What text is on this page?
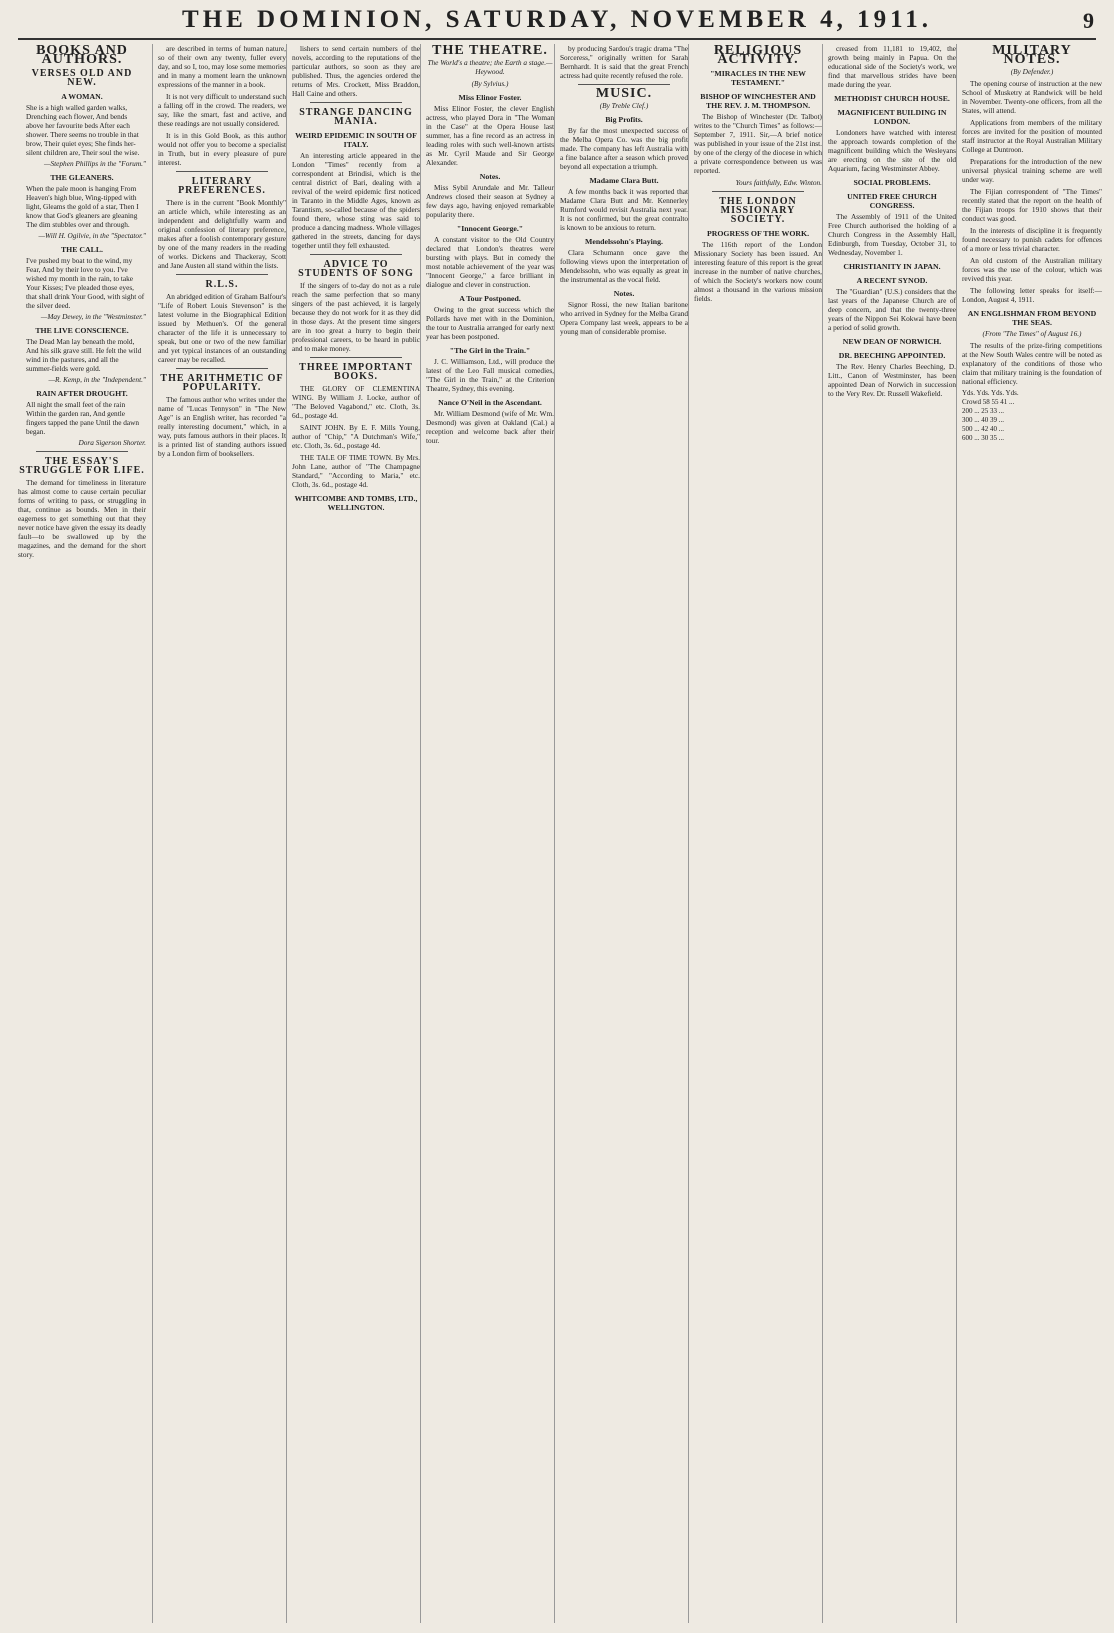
THE DOMINION, SATURDAY, NOVEMBER 4, 1911.	9
BOOKS AND AUTHORS.
VERSES OLD AND NEW.
A WOMAN.
She is a high walled garden walks, Drenching each flower, And bends above her favourite beds After each shower. There seems no trouble in that brow, Their quiet eyes; She finds her-silent children are, Their soul the wise.
—Stephen Phillips in the "Forum."
THE GLEANERS.
When the pale moon is hanging From Heaven's high blue, Wing-tipped with light, Gleams the gold of a star, Then I know that God's gleaners are gleaning The dim stubbles over and through.
—Will H. Ogilvie, in the "Spectator."
THE CALL.
I've pushed my boat to the wind, my Fear, And by their love to you. I've wished my month in the rain, to take Your Kisses; I've pleaded those eyes, that shall drink Your Good, with sight of the silver deed.
—May Dewey, in the "Westminster."
THE LIVE CONSCIENCE.
The Dead Man lay beneath the mold, And his silk grave still. He felt the wild wind in the pastures, and all the summer-fields were gold.
—R. Kemp, in the "Independent."
RAIN AFTER DROUGHT.
All night the small feet of the rain Within the garden ran, And gentle fingers tapped the pane Until the dawn began.
Dora Sigerson Shorter.
THE ESSAY'S STRUGGLE FOR LIFE.

The demand for timeliness in literature has almost come to cause certain peculiar forms of writing to pass, or struggling in that, continue as bounds. Men in their eagerness to get something out that they never notice have given the essay its deadly fault—to be swallowed up by the magazines, and the demand for the short story.

are described in terms of human nature, so of their own any twenty, fuller every day, and so I, too, may lose some memories and in many a moment learn the unknown expressions of the manner in a book.

It is not very difficult to understand such a falling off in the crowd. The readers, we say, like the smart, fast and active, and these readings are not usually considered.

It is in this Gold Book, as this author would not offer you to become a specialist in Truth, but in every pleasure of pure interest.

LITERARY PREFERENCES.

There is in the current "Book Monthly" an article which, while interesting as an independent and delightfully warm and original confession of literary preference, makes after a foolish contemporary gesture by one of the many readers in the reading of works. Dickens and Thackeray, Scott and Jane Austen all stand within the lists.

R.L.S.

An abridged edition of Graham Balfour's "Life of Robert Louis Stevenson" is the latest volume in the Biographical Edition issued by Methuen's. Of the general character of the life it is unnecessary to speak, but one or two of the new familiar and yet typical instances of an outstanding career may be recalled.

THE ARITHMETIC OF POPULARITY.

The famous author who writes under the name of "Lucas Tennyson" in "The New Age" is an English writer, has recorded "a really interesting document," which, in a way, puts famous authors in their places. It is a printed list of standing authors issued by a London firm of booksellers.

lishers to send certain numbers of the novels, according to the reputations of the particular authors, so soon as they are published. Thus, the agencies ordered the returns of Mrs. Crockett, Miss Braddon, Hall Caine and others.

STRANGE DANCING MANIA.
WEIRD EPIDEMIC IN SOUTH OF ITALY.

An interesting article appeared in the London "Times" recently from a correspondent at Brindisi, which is the central district of Bari, dealing with a revival of the weird epidemic first noticed in Taranto in the Middle Ages, known as Tarantism, so-called because of the spiders found there, whose sting was said to produce a dancing madness. Whole villages gathered in the streets, dancing for days together until they fell exhausted.

ADVICE TO STUDENTS OF SONG

If the singers of to-day do not as a rule reach the same perfection that so many singers of the past achieved, it is largely because they do not work for it as they did in those days. At the present time singers are in too great a hurry to begin their professional careers, to be heard in public and to make money.

THREE IMPORTANT BOOKS.

THE GLORY OF CLEMENTINA WING. By William J. Locke, author of "The Beloved Vagabond," etc. Cloth, 3s. 6d., postage 4d.

SAINT JOHN. By E. F. Mills Young, author of "Chip," "A Dutchman's Wife," etc. Cloth, 3s. 6d., postage 4d.

THE TALE OF TIME TOWN. By Mrs. John Lane, author of "The Champagne Standard," "According to Maria," etc. Cloth, 3s. 6d., postage 4d.

WHITCOMBE AND TOMBS, LTD., WELLINGTON.
THE THEATRE.
The World's a theatre; the Earth a stage.—Heywood.
(By Sylvius.)
Miss Elinor Foster.

Miss Elinor Foster, the clever English actress, who played Dora in "The Woman in the Case" at the Opera House last summer, has a fine record as an actress in leading roles with such well-known artists as Mr. Cyril Maude and Sir George Alexander.

Notes.

Miss Sybil Arundale and Mr. Talleur Andrews closed their season at Sydney a few days ago, having enjoyed remarkable popularity there.

"Innocent George."

A constant visitor to the Old Country declared that London's theatres were bursting with plays. But in comedy the most notable achievement of the year was "Innocent George," a farce brilliant in dialogue and clever in construction.

A Tour Postponed.

Owing to the great success which the Pollards have met with in the Dominion, the tour to Australia arranged for early next year has been postponed.

"The Girl in the Train."

J. C. Williamson, Ltd., will produce the latest of the Leo Fall musical comedies, "The Girl in the Train," at the Criterion Theatre, Sydney, this evening.

Nance O'Neil in the Ascendant.

Mr. William Desmond (wife of Mr. Wm. Desmond) was given at Oakland (Cal.) a reception and welcome back after their tour.

by producing Sardou's tragic drama "The Sorceress," originally written for Sarah Bernhardt. It is said that the great French actress had quite recently refused the role.

MUSIC.
(By Treble Clef.)
Big Profits.

By far the most unexpected success of the Melba Opera Co. was the big profit made. The company has left Australia with a fine balance after a season which proved beyond all expectation a triumph.

Madame Clara Butt.

A few months back it was reported that Madame Clara Butt and Mr. Kennerley Rumford would revisit Australia next year. It is not confirmed, but the great contralto is known to be anxious to return.

Mendelssohn's Playing.

Clara Schumann once gave the following views upon the interpretation of Mendelssohn, who was equally as great in the instrumental as the vocal field.

Notes.

Signor Rossi, the new Italian baritone who arrived in Sydney for the Melba Grand Opera Company last week, appears to be a young man of considerable promise.

RELIGIOUS ACTIVITY.
"MIRACLES IN THE NEW TESTAMENT."
BISHOP OF WINCHESTER AND THE REV. J. M. THOMPSON.

The Bishop of Winchester (Dr. Talbot) writes to the "Church Times" as follows:—September 7, 1911. Sir,—A brief notice was published in your issue of the 21st inst. by one of the clergy of the diocese in which a private correspondence between us was reported.

Yours faithfully, Edw. Winton.
THE LONDON MISSIONARY SOCIETY.
PROGRESS OF THE WORK.

The 116th report of the London Missionary Society has been issued. An interesting feature of this report is the great increase in the number of native churches, of which the Society's workers now count almost a thousand in the various mission fields.

creased from 11,181 to 19,402, the growth being mainly in Papua. On the educational side of the Society's work, we find that marvellous strides have been made during the year.

METHODIST CHURCH HOUSE.
MAGNIFICENT BUILDING IN LONDON.

Londoners have watched with interest the approach towards completion of the magnificent building which the Wesleyans are erecting on the site of the old Aquarium, facing Westminster Abbey.

SOCIAL PROBLEMS.
UNITED FREE CHURCH CONGRESS.

The Assembly of 1911 of the United Free Church authorised the holding of a Church Congress in the Assembly Hall, Edinburgh, from Tuesday, October 31, to Wednesday, November 1.

CHRISTIANITY IN JAPAN.
A RECENT SYNOD.

The "Guardian" (U.S.) considers that the last years of the Japanese Church are of deep concern, and that the twenty-three years of the Nippon Sei Kokwai have been a period of solid growth.

NEW DEAN OF NORWICH.
DR. BEECHING APPOINTED.

The Rev. Henry Charles Beeching, D. Litt., Canon of Westminster, has been appointed Dean of Norwich in succession to the Very Rev. Dr. Russell Wakefield.

MILITARY NOTES.
(By Defender.)

The opening course of instruction at the new School of Musketry at Randwick will be held in November. Twenty-one officers, from all the States, will attend.

Applications from members of the military forces are invited for the position of mounted staff instructor at the Royal Australian Military College at Duntroon.

Preparations for the introduction of the new universal physical training scheme are well under way.

The Fijian correspondent of "The Times" recently stated that the report on the health of the Fijian troops for 1910 shows that their conduct was good.

In the interests of discipline it is frequently found necessary to punish cadets for offences of a more or less trivial character.

An old custom of the Australian military forces was the use of the colour, which was revived this year.

The following letter speaks for itself:—London, August 4, 1911.

AN ENGLISHMAN FROM BEYOND THE SEAS.
(From "The Times" of August 16.)

The results of the prize-firing competitions at the New South Wales centre will be noted as explanatory of the conditions of those who claim that military training is the foundation of national efficiency.

Yds. Yds. Yds. Yds.
Crowd 58 55 41 ...
200 ... 25 33 ...
300 ... 40 39 ...
500 ... 42 40 ...
600 ... 30 35 ...
